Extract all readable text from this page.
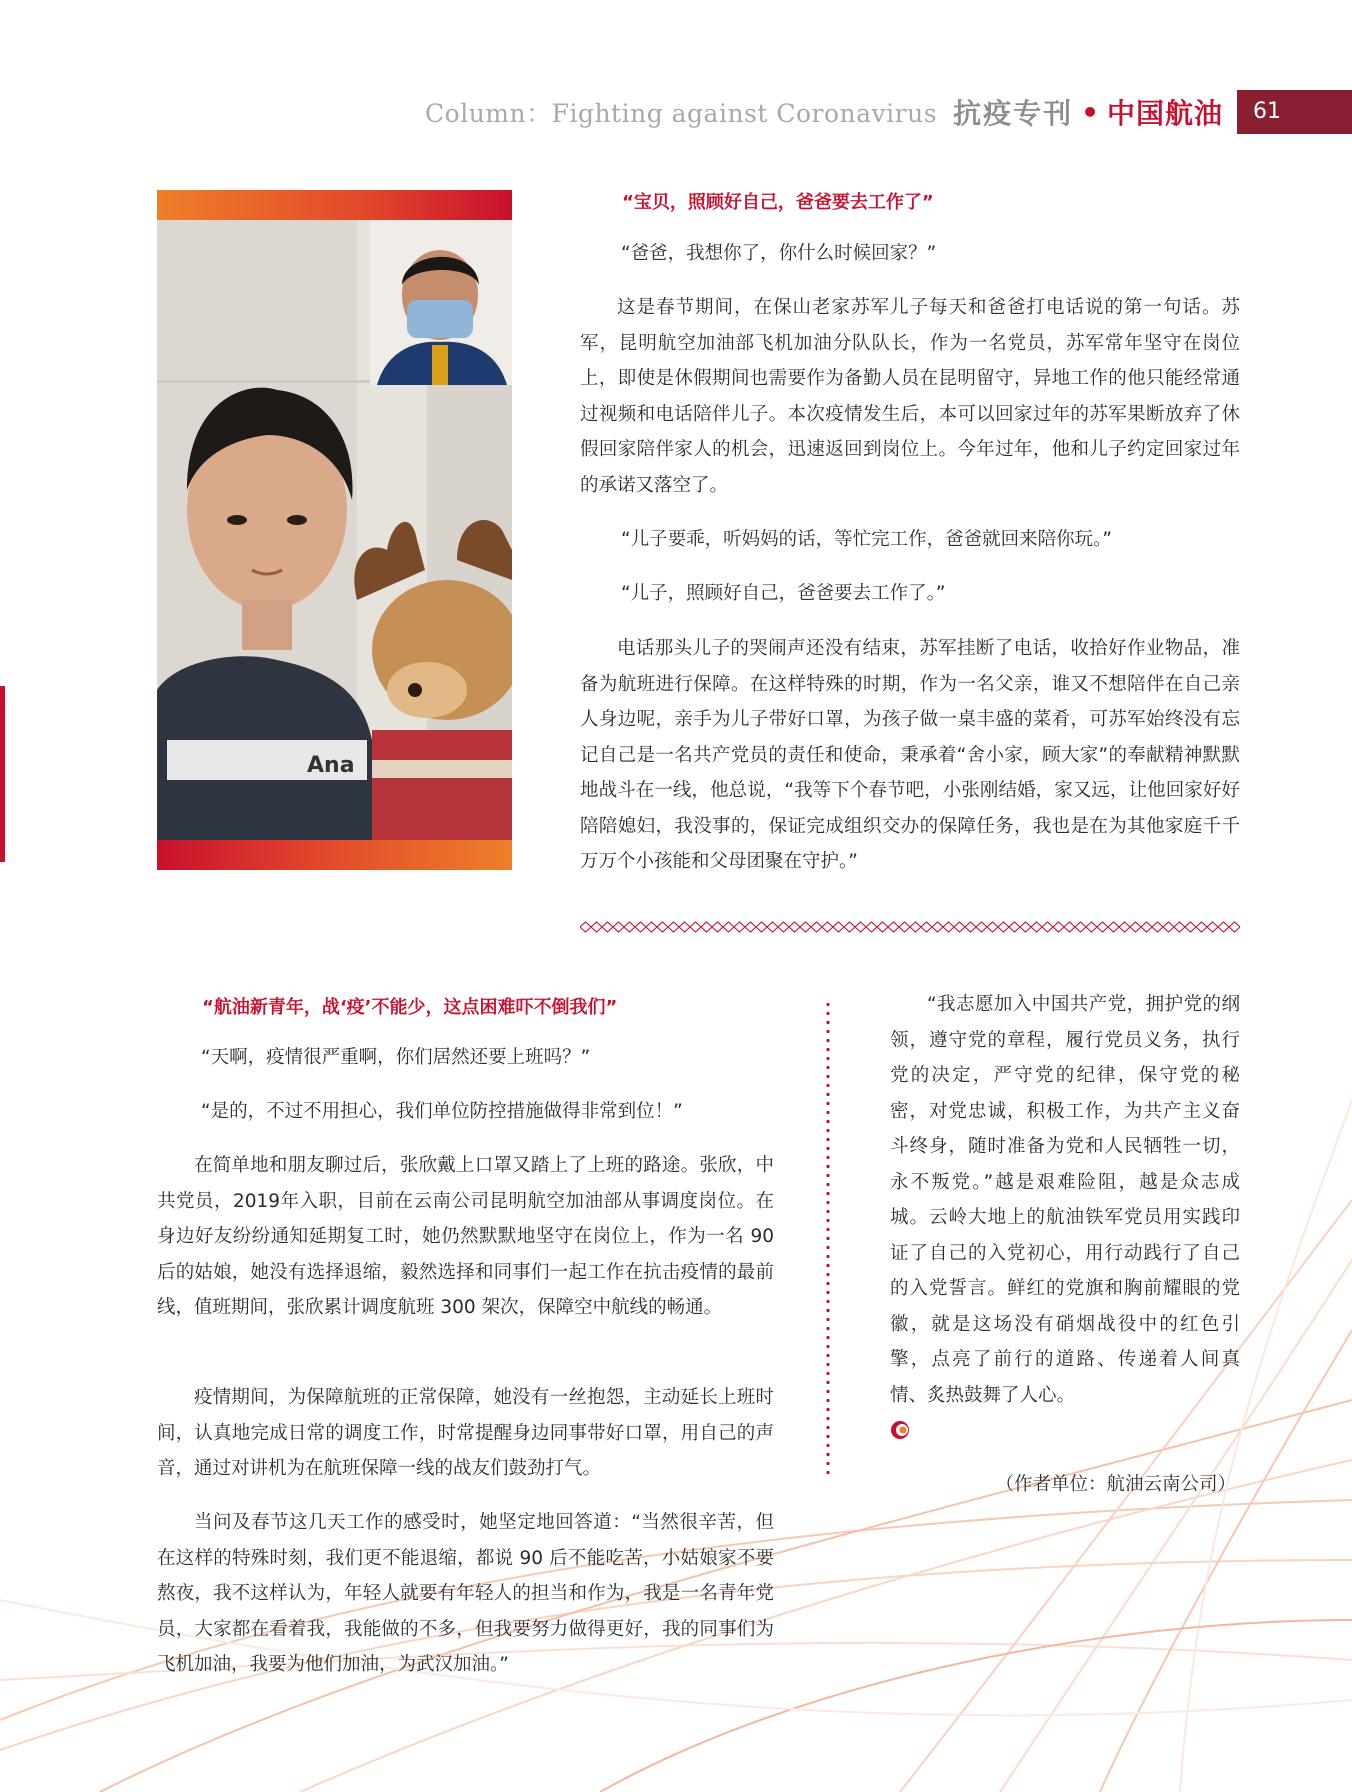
Column：Fighting against Coronavirus 抗疫专刊 • 中国航油	61
Ana
“宝贝，照顾好自己，爸爸要去工作了”
“爸爸，我想你了，你什么时候回家？”

这是春节期间，在保山老家苏军儿子每天和爸爸打电话说的第一句话。苏军，昆明航空加油部飞机加油分队队长，作为一名党员，苏军常年坚守在岗位上，即使是休假期间也需要作为备勤人员在昆明留守，异地工作的他只能经常通过视频和电话陪伴儿子。本次疫情发生后，本可以回家过年的苏军果断放弃了休假回家陪伴家人的机会，迅速返回到岗位上。今年过年，他和儿子约定回家过年的承诺又落空了。

“儿子要乖，听妈妈的话，等忙完工作，爸爸就回来陪你玩。”
“儿子，照顾好自己，爸爸要去工作了。”

电话那头儿子的哭闹声还没有结束，苏军挂断了电话，收拾好作业物品，准备为航班进行保障。在这样特殊的时期，作为一名父亲，谁又不想陪伴在自己亲人身边呢，亲手为儿子带好口罩，为孩子做一桌丰盛的菜肴，可苏军始终没有忘记自己是一名共产党员的责任和使命，秉承着“舍小家，顾大家”的奉献精神默默地战斗在一线，他总说，“我等下个春节吧，小张刚结婚，家又远，让他回家好好陪陪媳妇，我没事的，保证完成组织交办的保障任务，我也是在为其他家庭千千万万个小孩能和父母团聚在守护。”

“航油新青年，战‘疫’不能少，这点困难吓不倒我们”
“天啊，疫情很严重啊，你们居然还要上班吗？”
“是的，不过不用担心，我们单位防控措施做得非常到位！”

在简单地和朋友聊过后，张欣戴上口罩又踏上了上班的路途。张欣，中共党员，2019年入职，目前在云南公司昆明航空加油部从事调度岗位。在身边好友纷纷通知延期复工时，她仍然默默地坚守在岗位上，作为一名 90 后的姑娘，她没有选择退缩，毅然选择和同事们一起工作在抗击疫情的最前线，值班期间，张欣累计调度航班 300 架次，保障空中航线的畅通。

疫情期间，为保障航班的正常保障，她没有一丝抱怨，主动延长上班时间，认真地完成日常的调度工作，时常提醒身边同事带好口罩，用自己的声音，通过对讲机为在航班保障一线的战友们鼓劲打气。

当问及春节这几天工作的感受时，她坚定地回答道：“当然很辛苦，但在这样的特殊时刻，我们更不能退缩，都说 90 后不能吃苦，小姑娘家不要熬夜，我不这样认为，年轻人就要有年轻人的担当和作为，我是一名青年党员，大家都在看着我，我能做的不多，但我要努力做得更好，我的同事们为飞机加油，我要为他们加油，为武汉加油。”

“我志愿加入中国共产党，拥护党的纲领，遵守党的章程，履行党员义务，执行党的决定，严守党的纪律，保守党的秘密，对党忠诚，积极工作，为共产主义奋斗终身，随时准备为党和人民牺牲一切，永不叛党。”越是艰难险阻，越是众志成城。云岭大地上的航油铁军党员用实践印证了自己的入党初心，用行动践行了自己的入党誓言。鲜红的党旗和胸前耀眼的党徽，就是这场没有硝烟战役中的红色引擎，点亮了前行的道路、传递着人间真情、炙热鼓舞了人心。

（作者单位：航油云南公司）
